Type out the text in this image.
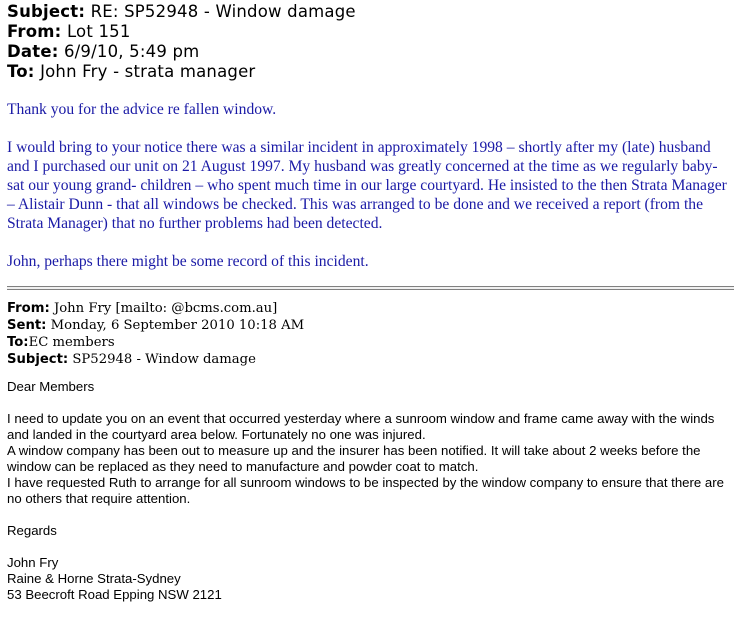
Subject: RE: SP52948 - Window damage
From: Lot 151
Date: 6/9/10, 5:49 pm
To: John Fry - strata manager

Thank you for the advice re fallen window.

I would bring to your notice there was a similar incident in approximately 1998 – shortly after my (late) husband and I purchased our unit on 21 August 1997. My husband was greatly concerned at the time as we regularly baby-sat our young grand- children – who spent much time in our large courtyard. He insisted to the then Strata Manager – Alistair Dunn - that all windows be checked. This was arranged to be done and we received a report (from the Strata Manager) that no further problems had been detected.

John, perhaps there might be some record of this incident.

From: John Fry [mailto: @bcms.com.au]
Sent: Monday, 6 September 2010 10:18 AM
To:EC members
Subject: SP52948 - Window damage

Dear Members

I need to update you on an event that occurred yesterday where a sunroom window and frame came away with the winds and landed in the courtyard area below. Fortunately no one was injured.

A window company has been out to measure up and the insurer has been notified. It will take about 2 weeks before the window can be replaced as they need to manufacture and powder coat to match.

I have requested Ruth to arrange for all sunroom windows to be inspected by the window company to ensure that there are no others that require attention.

Regards

John Fry

Raine & Horne Strata-Sydney

53 Beecroft Road Epping NSW 2121
